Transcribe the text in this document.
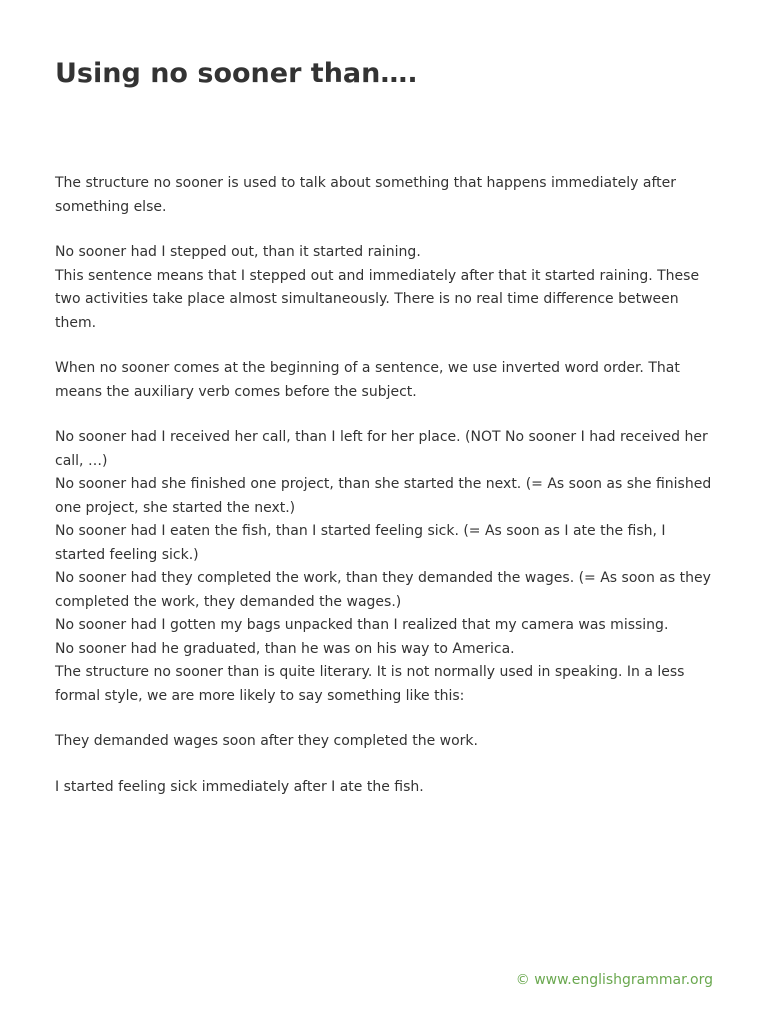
Using no sooner than….

The structure no sooner is used to talk about something that happens immediately after something else.

No sooner had I stepped out, than it started raining.

This sentence means that I stepped out and immediately after that it started raining. These two activities take place almost simultaneously. There is no real time difference between them.

When no sooner comes at the beginning of a sentence, we use inverted word order. That means the auxiliary verb comes before the subject.

No sooner had I received her call, than I left for her place. (NOT No sooner I had received her call, …)

No sooner had she finished one project, than she started the next. (= As soon as she finished one project, she started the next.)

No sooner had I eaten the fish, than I started feeling sick. (= As soon as I ate the fish, I started feeling sick.)

No sooner had they completed the work, than they demanded the wages. (= As soon as they completed the work, they demanded the wages.)

No sooner had I gotten my bags unpacked than I realized that my camera was missing.

No sooner had he graduated, than he was on his way to America.

The structure no sooner than is quite literary. It is not normally used in speaking. In a less formal style, we are more likely to say something like this:

They demanded wages soon after they completed the work.

I started feeling sick immediately after I ate the fish.

© www.englishgrammar.org
